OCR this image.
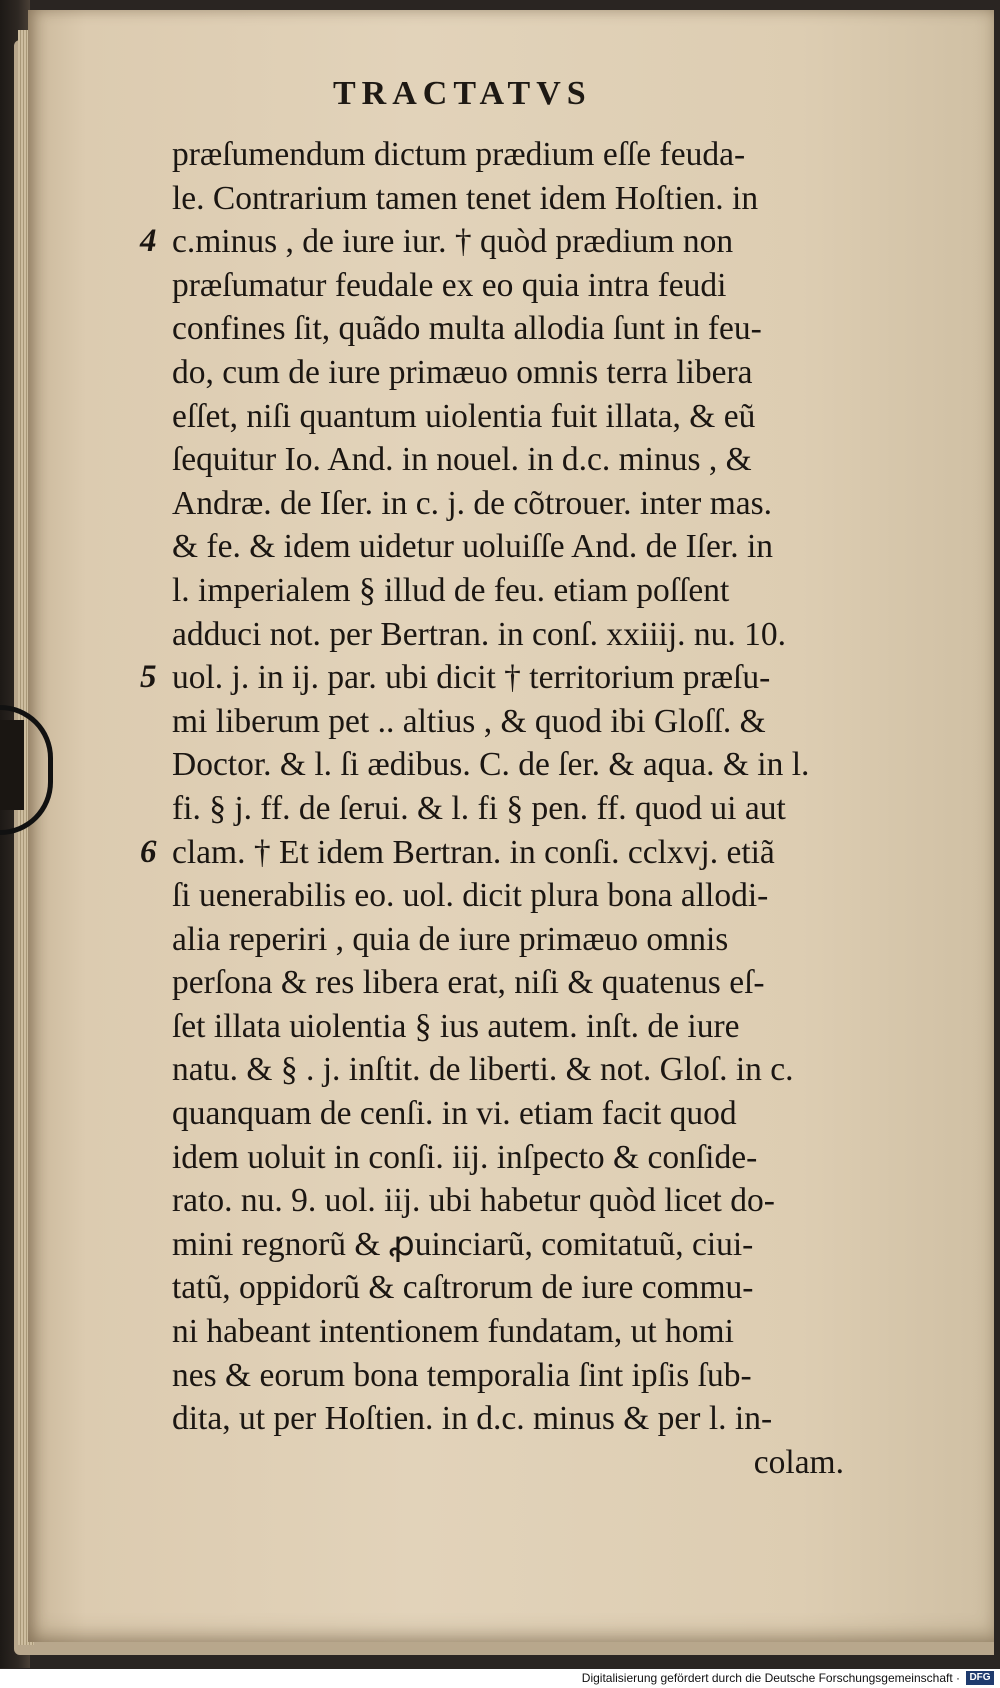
TRACTATVS
præſumendum dictum prædium eſſe feuda-
le. Contrarium tamen tenet idem Hoſtien. in
c.minus , de iure iur. † quòd prædium non
præſumatur feudale ex eo quia intra feudi
confines ſit, quãdo multa allodia ſunt in feu-
do, cum de iure primæuo omnis terra libera
eſſet, niſi quantum uiolentia fuit illata, & eũ
ſequitur Io. And. in nouel. in d.c. minus , &
Andræ. de Iſer. in c. j. de cõtrouer. inter mas.
& fe. & idem uidetur uoluiſſe And. de Iſer. in
l. imperialem § illud de feu. etiam poſſent
adduci not. per Bertran. in conſ. xxiiij. nu. 10.
uol. j. in ij. par. ubi dicit † territorium præſu-
mi liberum pet .. altius , & quod ibi Gloſſ. &
Doctor. & l. ſi ædibus. C. de ſer. & aqua. & in l.
fi. § j. ff. de ſerui. & l. fi § pen. ff. quod ui aut
clam. † Et idem Bertran. in conſi. cclxvj. etiã
ſi uenerabilis eo. uol. dicit plura bona allodi-
alia reperiri , quia de iure primæuo omnis
perſona & res libera erat, niſi & quatenus eſ-
ſet illata uiolentia § ius autem. inſt. de iure
natu. & § . j. inſtit. de liberti. & not. Gloſ. in c.
quanquam de cenſi. in vi. etiam facit quod
idem uoluit in conſi. iij. inſpecto & conſide-
rato. nu. 9. uol. iij. ubi habetur quòd licet do-
mini regnorũ & ꝓuinciarũ, comitatuũ, ciui-
tatũ, oppidorũ & caſtrorum de iure commu-
ni habeant intentionem fundatam, ut homi
nes & eorum bona temporalia ſint ipſis ſub-
dita, ut per Hoſtien. in d.c. minus & per l. in-
colam.
4
5
6
Digitalisierung gefördert durch die Deutsche Forschungsgemeinschaft · DFG
